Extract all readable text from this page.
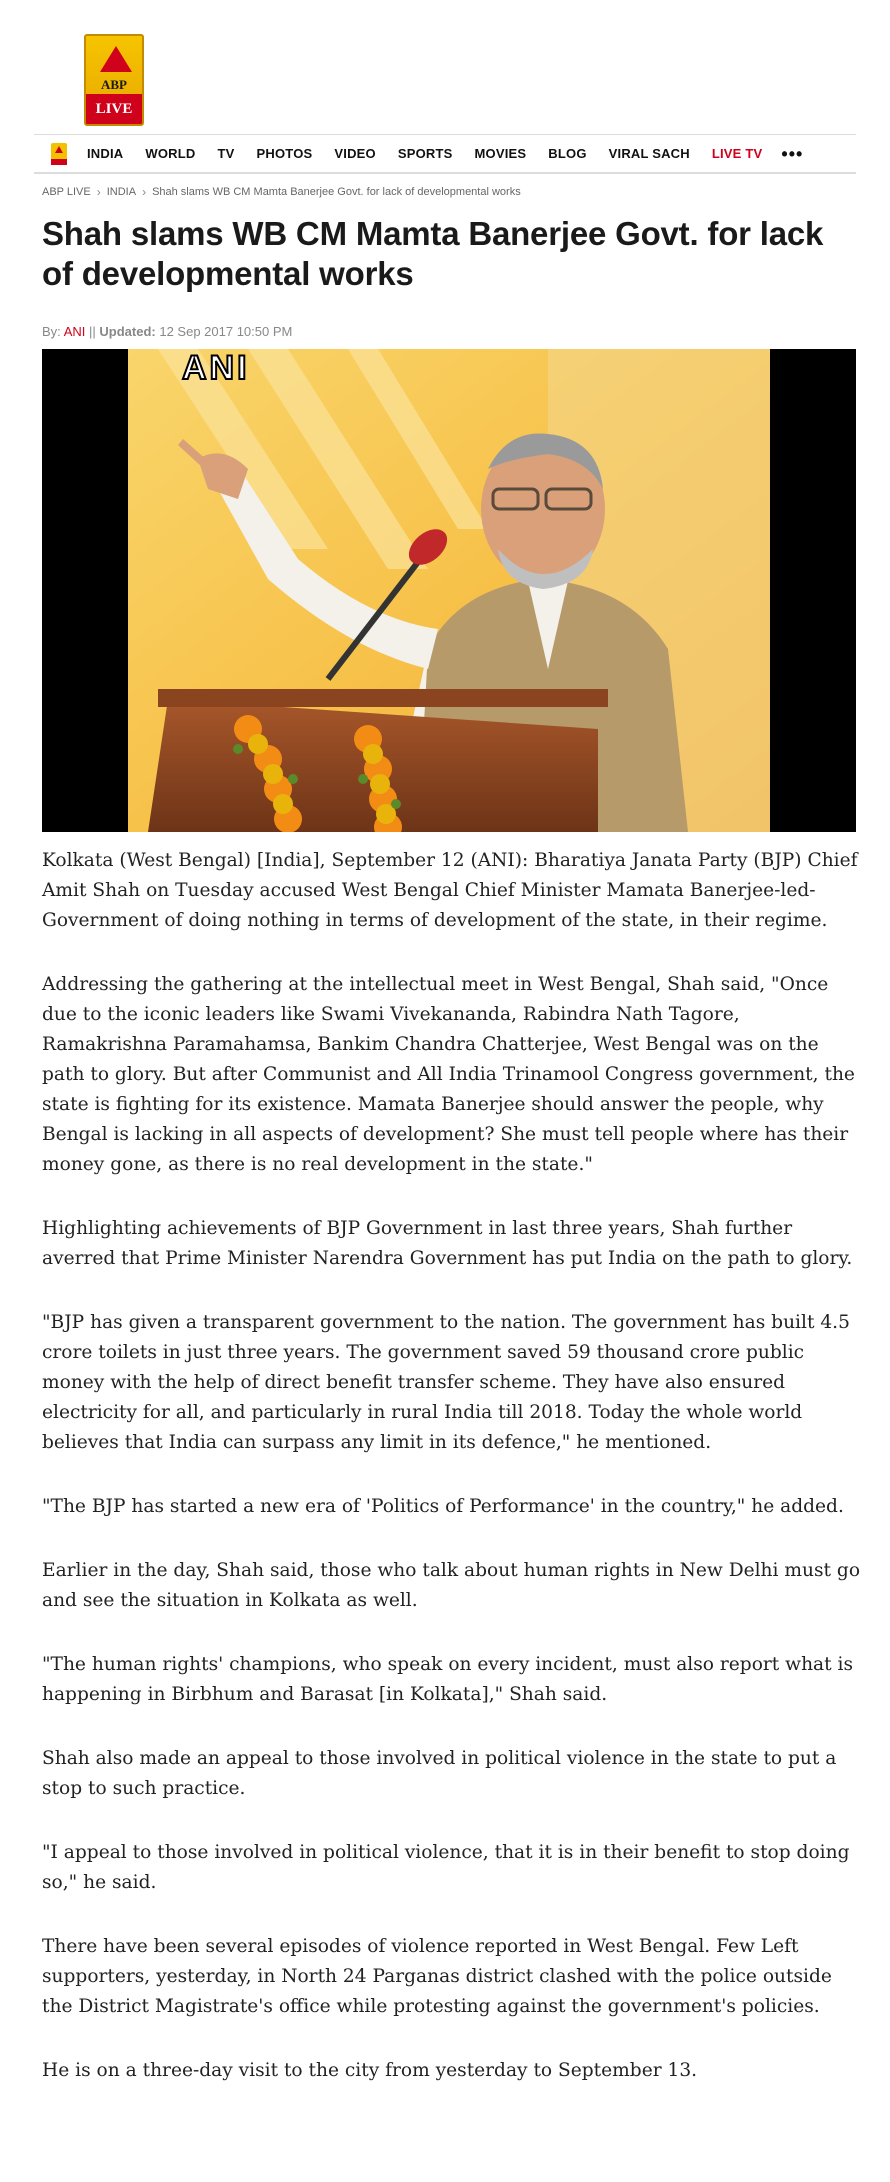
ABP
LIVE
INDIA WORLD TV PHOTOS VIDEO SPORTS MOVIES BLOG VIRAL SACH LIVE TV •••
ABP LIVE › INDIA › Shah slams WB CM Mamta Banerjee Govt. for lack of developmental works
Shah slams WB CM Mamta Banerjee Govt. for lack of developmental works
By: ANI || Updated: 12 Sep 2017 10:50 PM
ANI

Kolkata (West Bengal) [India], September 12 (ANI): Bharatiya Janata Party (BJP) Chief Amit Shah on Tuesday accused West Bengal Chief Minister Mamata Banerjee-led-Government of doing nothing in terms of development of the state, in their regime.

Addressing the gathering at the intellectual meet in West Bengal, Shah said, "Once due to the iconic leaders like Swami Vivekananda, Rabindra Nath Tagore, Ramakrishna Paramahamsa, Bankim Chandra Chatterjee, West Bengal was on the path to glory. But after Communist and All India Trinamool Congress government, the state is fighting for its existence. Mamata Banerjee should answer the people, why Bengal is lacking in all aspects of development? She must tell people where has their money gone, as there is no real development in the state."

Highlighting achievements of BJP Government in last three years, Shah further averred that Prime Minister Narendra Government has put India on the path to glory.

"BJP has given a transparent government to the nation. The government has built 4.5 crore toilets in just three years. The government saved 59 thousand crore public money with the help of direct benefit transfer scheme. They have also ensured electricity for all, and particularly in rural India till 2018. Today the whole world believes that India can surpass any limit in its defence," he mentioned.

"The BJP has started a new era of 'Politics of Performance' in the country," he added.

Earlier in the day, Shah said, those who talk about human rights in New Delhi must go and see the situation in Kolkata as well.

"The human rights' champions, who speak on every incident, must also report what is happening in Birbhum and Barasat [in Kolkata]," Shah said.

Shah also made an appeal to those involved in political violence in the state to put a stop to such practice.

"I appeal to those involved in political violence, that it is in their benefit to stop doing so," he said.

There have been several episodes of violence reported in West Bengal. Few Left supporters, yesterday, in North 24 Parganas district clashed with the police outside the District Magistrate's office while protesting against the government's policies.

He is on a three-day visit to the city from yesterday to September 13.
